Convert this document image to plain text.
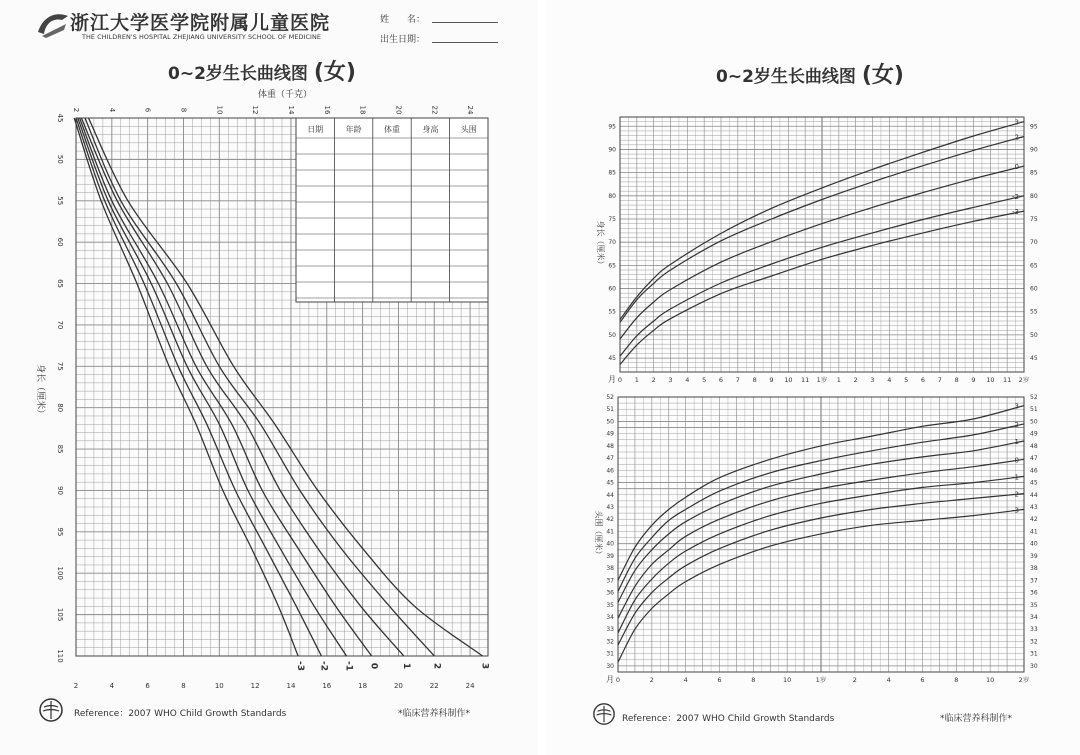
浙江大学医学院附属儿童医院
THE CHILDREN'S HOSPITAL ZHEJIANG UNIVERSITY SCHOOL OF MEDICINE
姓　　名：
出生日期：
0~2岁生长曲线图 (女)
2
2
4
4
6
6
8
8
10
10
12
12
14
14
16
16
18
18
20
20
22
22
24
24
45
50
55
60
65
70
75
80
85
90
95
100
105
110
体重（千克）
身长（厘米）
日期	年龄	体重	身高	头围
3
2
1
0
-1
-2
-3
Reference：2007 WHO Child Growth Standards	*临床营养科制作*
0~2岁生长曲线图 (女)
0 1 2 3 4 5 6 7 8 9 10 11 1岁 1 2 3 4 5 6 7 8 9 10 11 2岁
月
45	45
50	50
55	55
60	60
65	65
70	70
75	75
80	80
85	85
90	90
95	95
身长（厘米）
3
2
0
-2
-3
0	2	4	6	8	10	1岁	2	4	6	8	10	2岁
月
30	30
31	31
32	32
33	33
34	34
35	35
36	36
37	37
38	38
39	39
40	40
41	41
42	42
43	43
44	44
45	45
46	46
47	47
48	48
49	49
50	50
51	51
52	52
头围（厘米）
3
2
1
0
-1
-2
-3
Reference：2007 WHO Child Growth Standards	*临床营养科制作*
